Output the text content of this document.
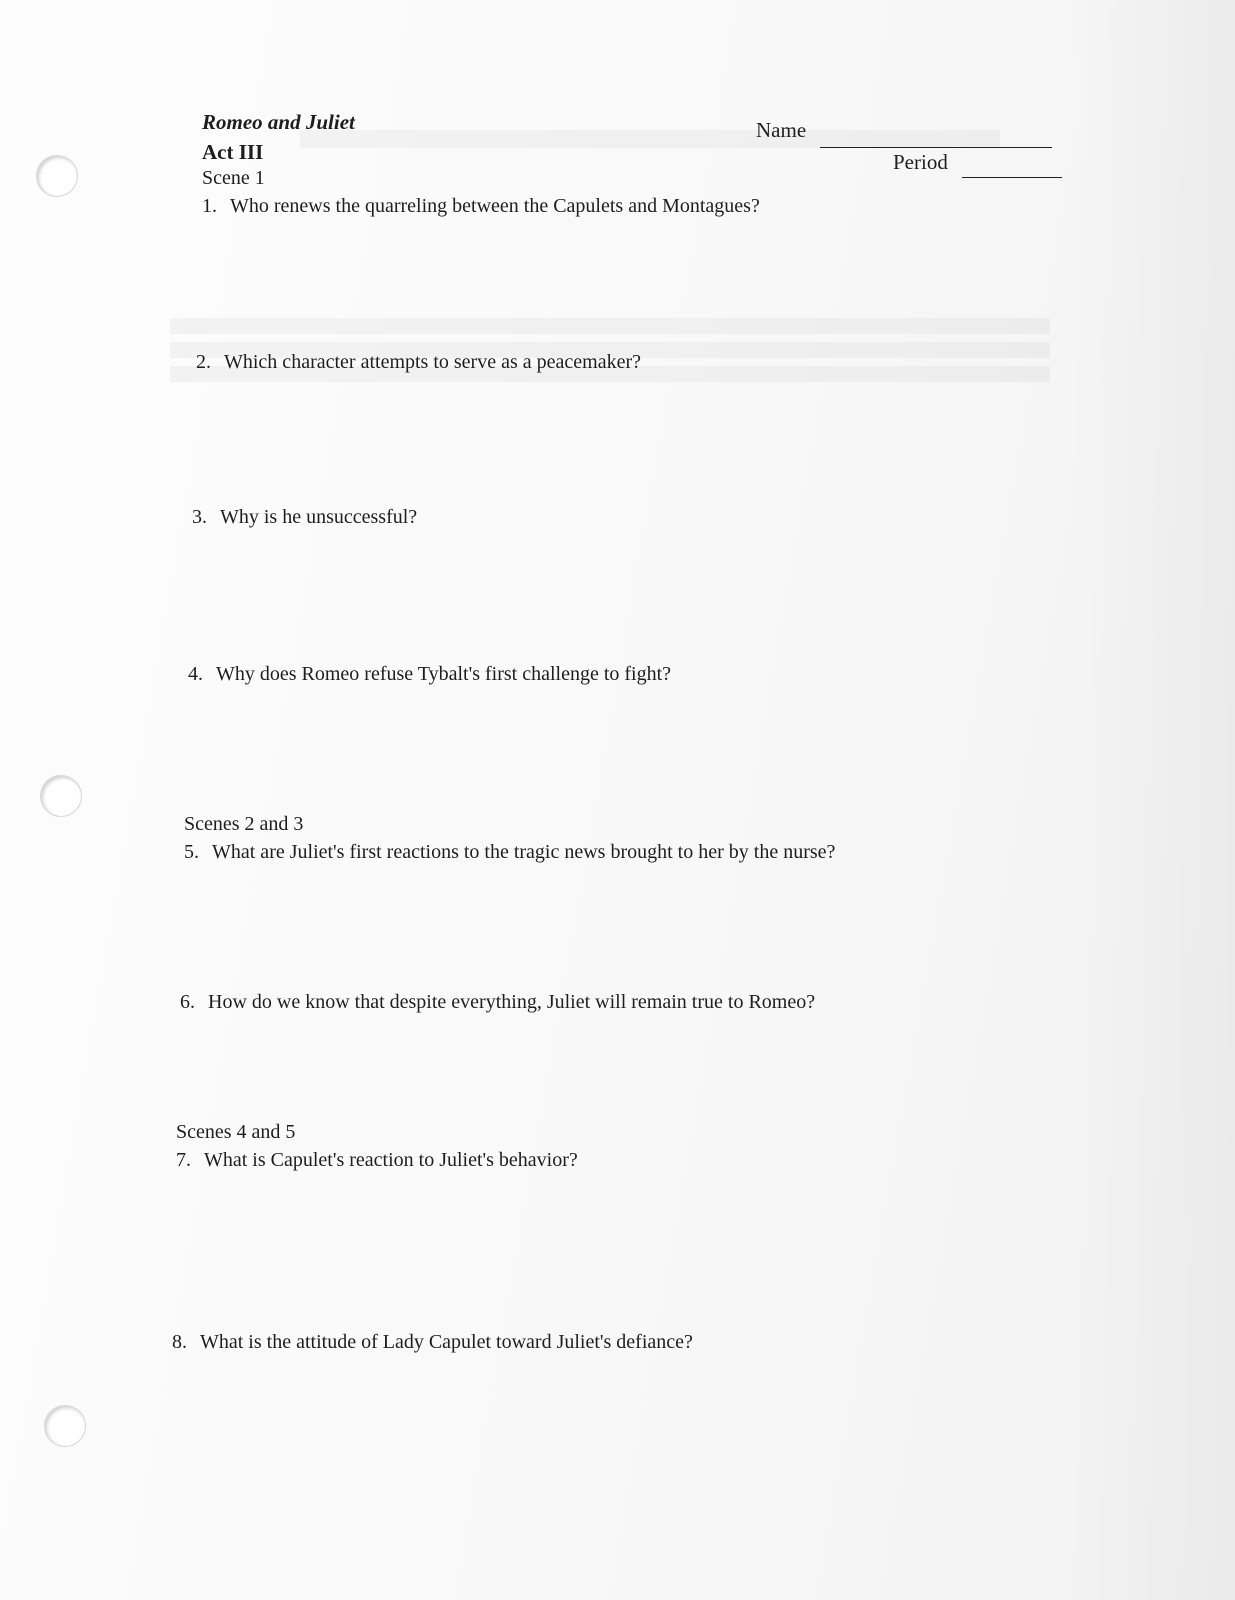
Romeo and Juliet
Act III
Name
Period
Scene 1
1. Who renews the quarreling between the Capulets and Montagues?
2. Which character attempts to serve as a peacemaker?
3. Why is he unsuccessful?
4. Why does Romeo refuse Tybalt's first challenge to fight?
Scenes 2 and 3
5. What are Juliet's first reactions to the tragic news brought to her by the nurse?
6. How do we know that despite everything, Juliet will remain true to Romeo?
Scenes 4 and 5
7. What is Capulet's reaction to Juliet's behavior?
8. What is the attitude of Lady Capulet toward Juliet's defiance?
